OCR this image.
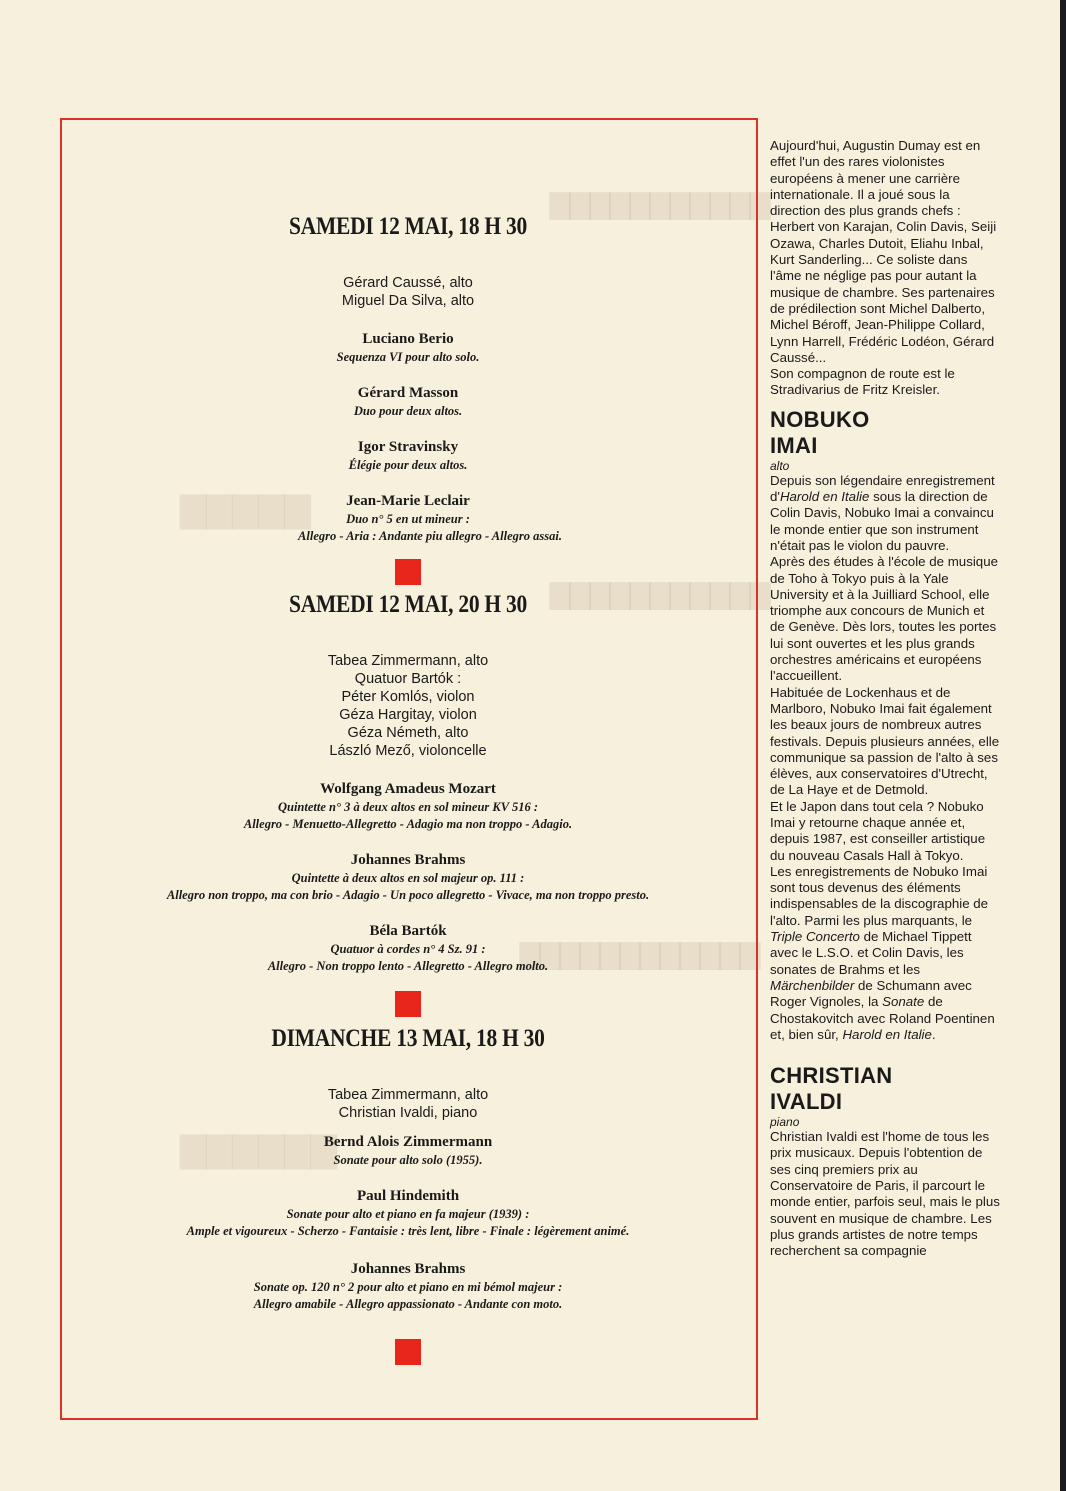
▇▇▇▇▇▇▇▇▇▇▇
▇▇▇▇▇▇▇▇▇▇▇
▇▇▇▇▇▇▇▇▇▇▇▇
▇▇▇▇▇
▇▇▇▇▇▇
SAMEDI 12 MAI, 18 H 30
Gérard Caussé, alto
Miguel Da Silva, alto
Luciano Berio
Sequenza VI pour alto solo.
Gérard Masson
Duo pour deux altos.
Igor Stravinsky
Élégie pour deux altos.
Jean-Marie Leclair
Duo n° 5 en ut mineur :
Allegro - Aria : Andante piu allegro - Allegro assai.
SAMEDI 12 MAI, 20 H 30
Tabea Zimmermann, alto
Quatuor Bartók :
Péter Komlós, violon
Géza Hargitay, violon
Géza Németh, alto
László Mező, violoncelle
Wolfgang Amadeus Mozart
Quintette n° 3 à deux altos en sol mineur KV 516 :
Allegro - Menuetto-Allegretto - Adagio ma non troppo - Adagio.
Johannes Brahms
Quintette à deux altos en sol majeur op. 111 :
Allegro non troppo, ma con brio - Adagio - Un poco allegretto - Vivace, ma non troppo presto.
Béla Bartók
Quatuor à cordes n° 4 Sz. 91 :
Allegro - Non troppo lento - Allegretto - Allegro molto.
DIMANCHE 13 MAI, 18 H 30
Tabea Zimmermann, alto
Christian Ivaldi, piano
Bernd Alois Zimmermann
Sonate pour alto solo (1955).
Paul Hindemith
Sonate pour alto et piano en fa majeur (1939) :
Ample et vigoureux - Scherzo - Fantaisie : très lent, libre - Finale : légèrement animé.
Johannes Brahms
Sonate op. 120 n° 2 pour alto et piano en mi bémol majeur :
Allegro amabile - Allegro appassionato - Andante con moto.

Aujourd'hui, Augustin Dumay est en effet l'un des rares violonistes européens à mener une carrière internationale. Il a joué sous la direction des plus grands chefs : Herbert von Karajan, Colin Davis, Seiji Ozawa, Charles Dutoit, Eliahu Inbal, Kurt Sanderling... Ce soliste dans l'âme ne néglige pas pour autant la musique de chambre. Ses partenaires de prédilection sont Michel Dalberto, Michel Béroff, Jean-Philippe Collard, Lynn Harrell, Frédéric Lodéon, Gérard Caussé...

Son compagnon de route est le Stradivarius de Fritz Kreisler.

NOBUKO
IMAI

alto

Depuis son légendaire enregistrement d'Harold en Italie sous la direction de Colin Davis, Nobuko Imai a convaincu le monde entier que son instrument n'était pas le violon du pauvre.

Après des études à l'école de musique de Toho à Tokyo puis à la Yale University et à la Juilliard School, elle triomphe aux concours de Munich et de Genève. Dès lors, toutes les portes lui sont ouvertes et les plus grands orchestres américains et européens l'accueillent.

Habituée de Lockenhaus et de Marlboro, Nobuko Imai fait également les beaux jours de nombreux autres festivals. Depuis plusieurs années, elle communique sa passion de l'alto à ses élèves, aux conservatoires d'Utrecht, de La Haye et de Detmold.

Et le Japon dans tout cela ? Nobuko Imai y retourne chaque année et, depuis 1987, est conseiller artistique du nouveau Casals Hall à Tokyo.

Les enregistrements de Nobuko Imai sont tous devenus des éléments indispensables de la discographie de l'alto. Parmi les plus marquants, le Triple Concerto de Michael Tippett avec le L.S.O. et Colin Davis, les sonates de Brahms et les Märchenbilder de Schumann avec Roger Vignoles, la Sonate de Chostakovitch avec Roland Poentinen et, bien sûr, Harold en Italie.

CHRISTIAN
IVALDI

piano

Christian Ivaldi est l'home de tous les prix musicaux. Depuis l'obtention de ses cinq premiers prix au Conservatoire de Paris, il parcourt le monde entier, parfois seul, mais le plus souvent en musique de chambre. Les plus grands artistes de notre temps recherchent sa compagnie
